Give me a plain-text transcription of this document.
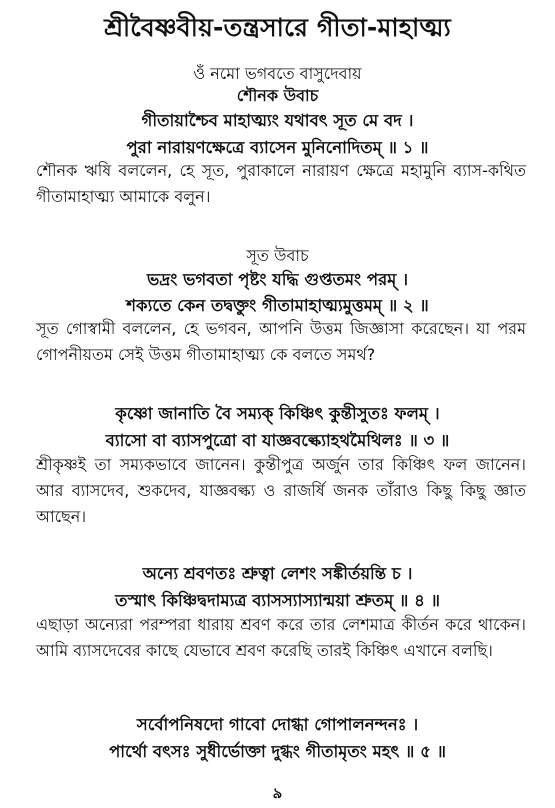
শ্রীবৈষ্ণবীয়-তন্ত্রসারে গীতা-মাহাত্ম্য
ওঁ নমো ভগবতে বাসুদেবায়
শৌনক উবাচ
গীতায়াশ্চৈব মাহাত্ম্যং যথাবৎ সূত মে বদ ।
পুরা নারায়ণক্ষেত্রে ব্যাসেন মুনিনোদিতম্ ॥ ১ ॥
শৌনক ঋষি বললেন, হে সূত, পুরাকালে নারায়ণ ক্ষেত্রে মহামুনি ব্যাস-কথিত গীতামাহাত্ম্য আমাকে বলুন।
সূত উবাচ
ভদ্রং ভগবতা পৃষ্টং যদ্ধি গুপ্ততমং পরম্ ।
শক্যতে কেন তদ্বক্তুং গীতামাহাত্ম্যমুত্তমম্ ॥ ২ ॥
সূত গোস্বামী বললেন, হে ভগবন, আপনি উত্তম জিজ্ঞাসা করেছেন। যা পরম গোপনীয়তম সেই উত্তম গীতামাহাত্ম্য কে বলতে সমর্থ?
কৃষ্ণো জানাতি বৈ সম্যক্ কিঞ্চিৎ কুন্তীসুতঃ ফলম্ ।
ব্যাসো বা ব্যাসপুত্রো বা যাজ্ঞবল্ক্যোহথমৈথিলঃ ॥ ৩ ॥
শ্রীকৃষ্ণই তা সম্যকভাবে জানেন। কুন্তীপুত্র অর্জুন তার কিঞ্চিৎ ফল জানেন। আর ব্যাসদেব, শুকদেব, যাজ্ঞবল্ক্য ও রাজর্ষি জনক তাঁরাও কিছু কিছু জ্ঞাত আছেন।
অন্যে শ্রবণতঃ শ্রুত্বা লেশং সঙ্কীর্তয়ন্তি চ ।
তস্মাৎ কিঞ্চিদ্বদাম্যত্র ব্যাসস্যাস্যান্ময়া শ্রুতম্ ॥ ৪ ॥
এছাড়া অন্যেরা পরম্পরা ধারায় শ্রবণ করে তার লেশমাত্র কীর্তন করে থাকেন। আমি ব্যাসদেবের কাছে যেভাবে শ্রবণ করেছি তারই কিঞ্চিৎ এখানে বলছি।
সর্বোপনিষদো গাবো দোগ্ধা গোপালনন্দনঃ ।
পার্থো বৎসঃ সুধীর্ভোক্তা দুগ্ধং গীতামৃতং মহৎ ॥ ৫ ॥
৯
